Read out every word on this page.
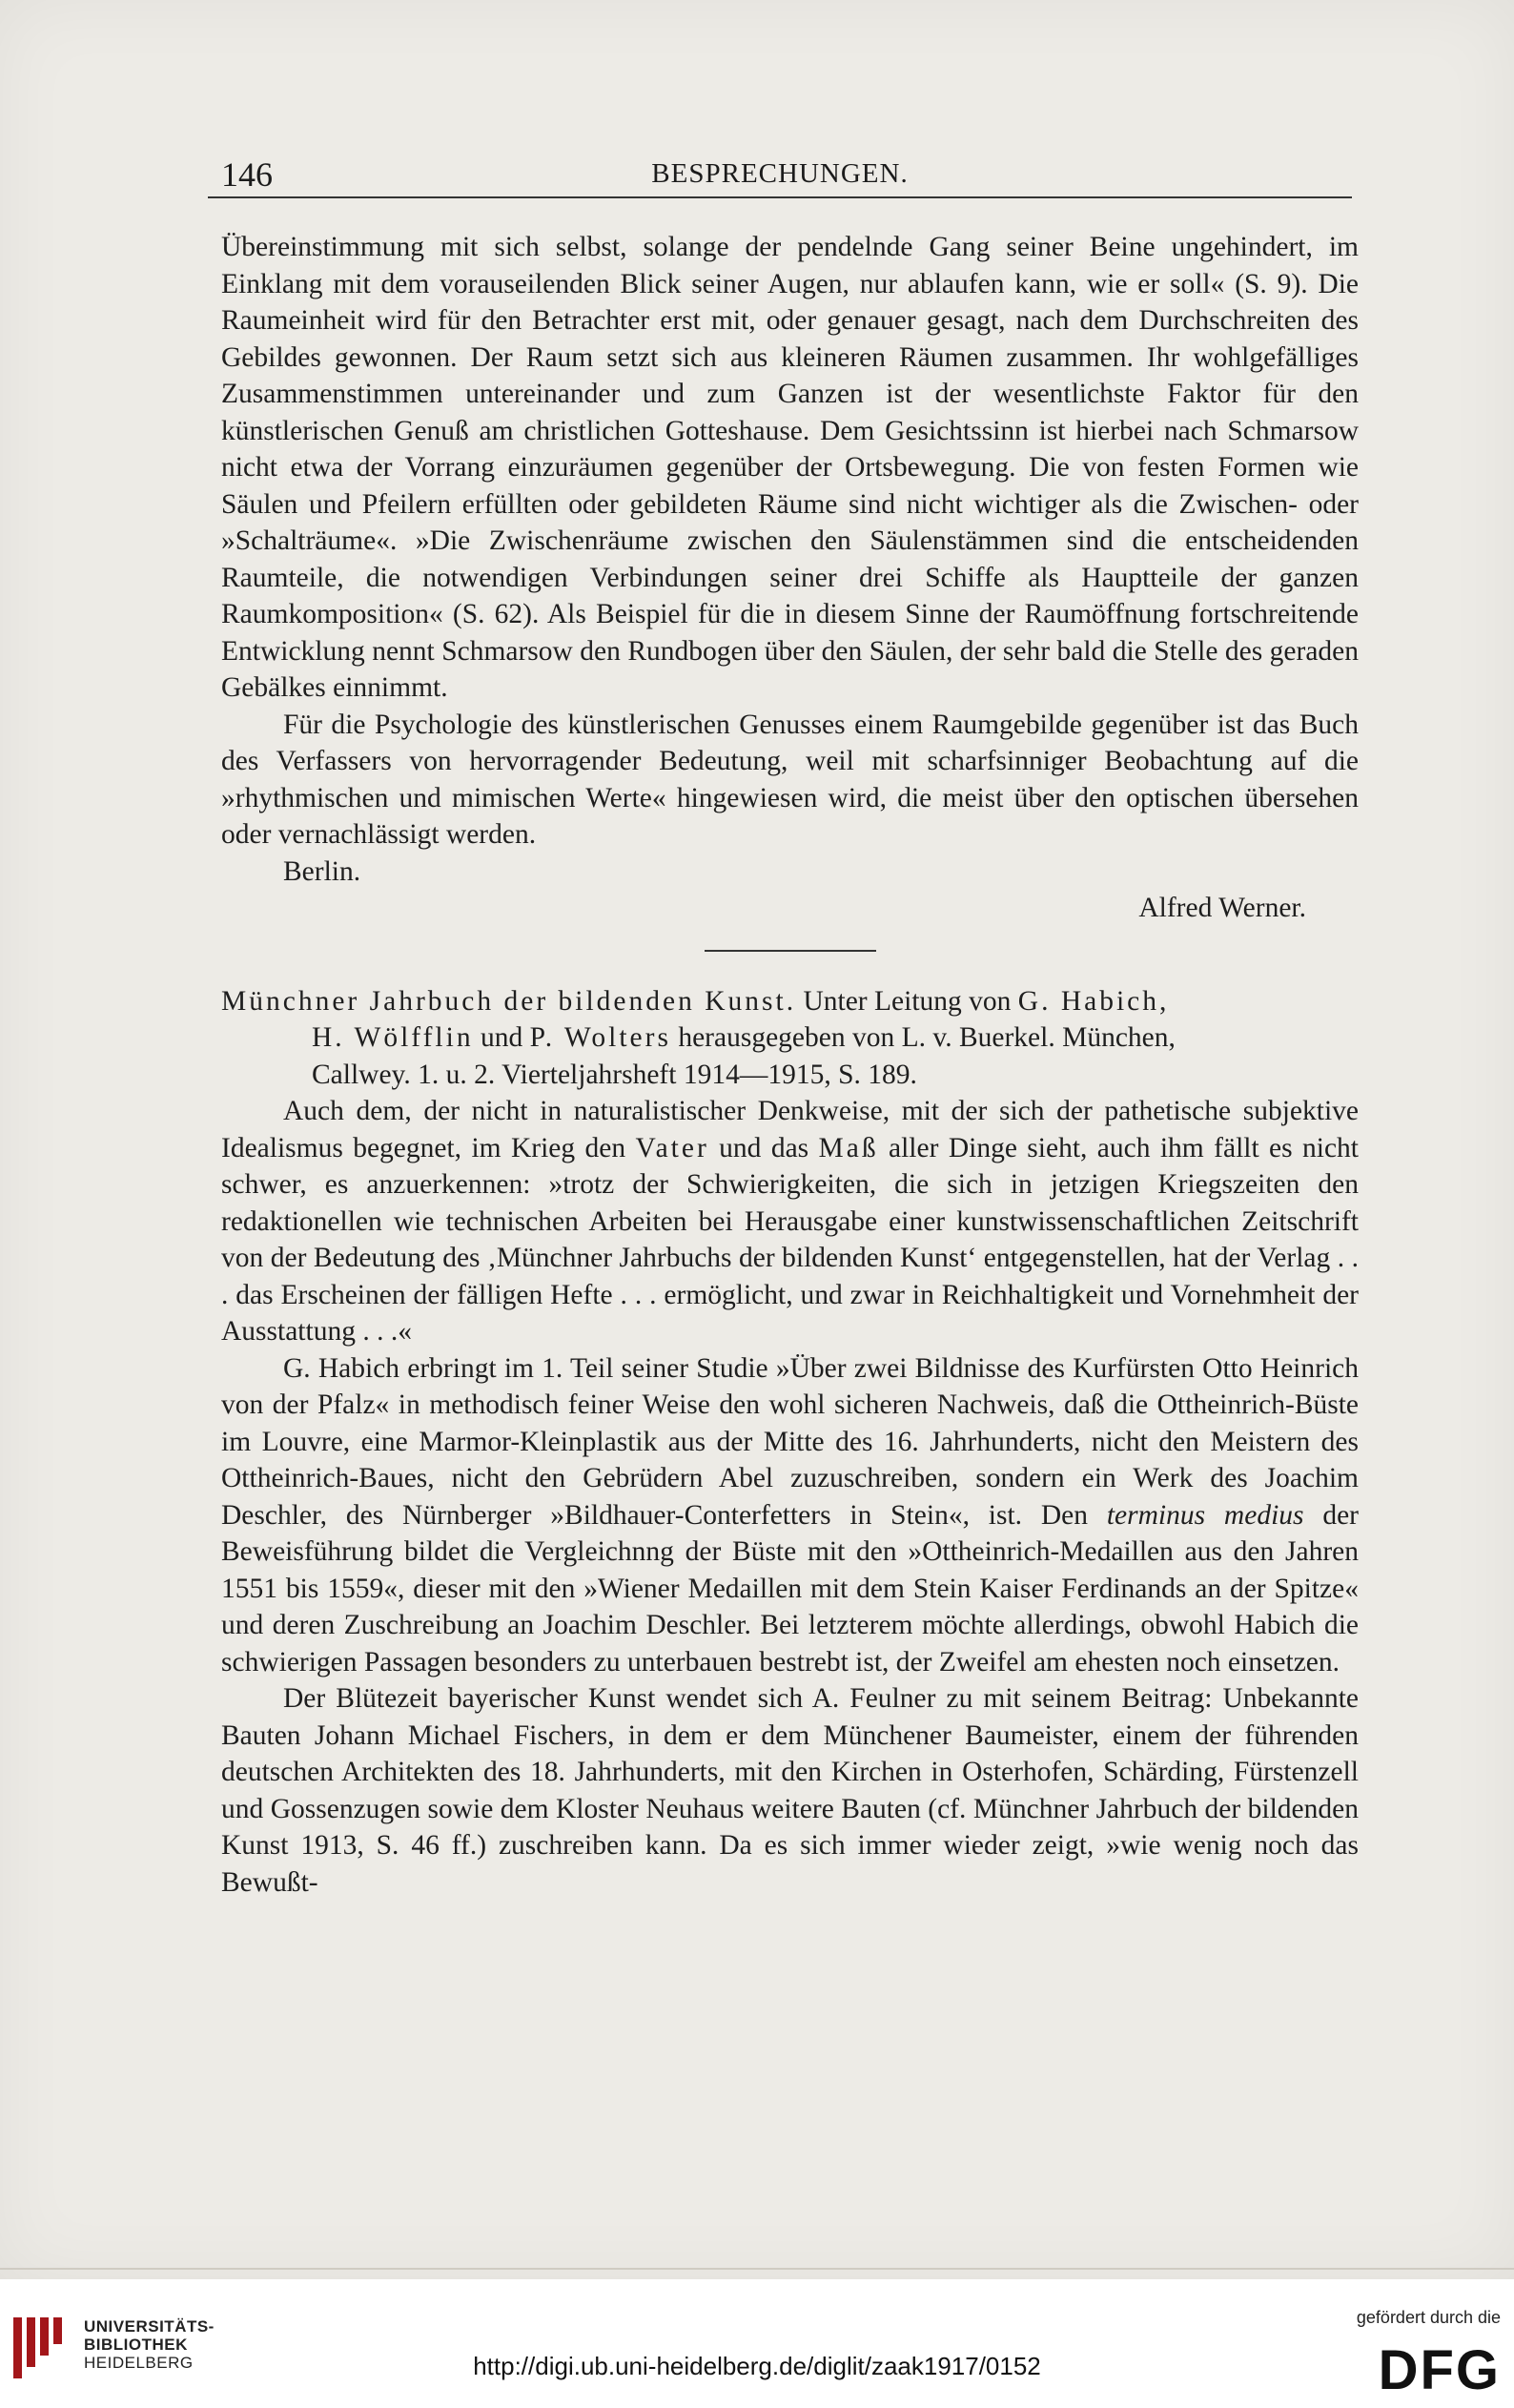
146	BESPRECHUNGEN.

Übereinstimmung mit sich selbst, solange der pendelnde Gang seiner Beine ungehindert, im Einklang mit dem vorauseilenden Blick seiner Augen, nur ablaufen kann, wie er soll« (S. 9). Die Raumeinheit wird für den Betrachter erst mit, oder genauer gesagt, nach dem Durchschreiten des Gebildes gewonnen. Der Raum setzt sich aus kleineren Räumen zusammen. Ihr wohlgefälliges Zusammenstimmen untereinander und zum Ganzen ist der wesentlichste Faktor für den künstlerischen Genuß am christlichen Gotteshause. Dem Gesichtssinn ist hierbei nach Schmarsow nicht etwa der Vorrang einzuräumen gegenüber der Ortsbewegung. Die von festen Formen wie Säulen und Pfeilern erfüllten oder gebildeten Räume sind nicht wichtiger als die Zwischen- oder »Schalträume«. »Die Zwischenräume zwischen den Säulenstämmen sind die entscheidenden Raumteile, die notwendigen Verbindungen seiner drei Schiffe als Hauptteile der ganzen Raumkomposition« (S. 62). Als Beispiel für die in diesem Sinne der Raumöffnung fortschreitende Entwicklung nennt Schmarsow den Rundbogen über den Säulen, der sehr bald die Stelle des geraden Gebälkes einnimmt.

Für die Psychologie des künstlerischen Genusses einem Raumgebilde gegenüber ist das Buch des Verfassers von hervorragender Bedeutung, weil mit scharfsinniger Beobachtung auf die »rhythmischen und mimischen Werte« hingewiesen wird, die meist über den optischen übersehen oder vernachlässigt werden.

Berlin.

Alfred Werner.

Münchner Jahrbuch der bildenden Kunst. Unter Leitung von G. Habich,

H. Wölfflin und P. Wolters herausgegeben von L. v. Buerkel. München,

Callwey. 1. u. 2. Vierteljahrsheft 1914—1915, S. 189.

Auch dem, der nicht in naturalistischer Denkweise, mit der sich der pathetische subjektive Idealismus begegnet, im Krieg den Vater und das Maß aller Dinge sieht, auch ihm fällt es nicht schwer, es anzuerkennen: »trotz der Schwierigkeiten, die sich in jetzigen Kriegszeiten den redaktionellen wie technischen Arbeiten bei Herausgabe einer kunstwissenschaftlichen Zeitschrift von der Bedeutung des ‚Münchner Jahrbuchs der bildenden Kunst‘ entgegenstellen, hat der Verlag . . . das Erscheinen der fälligen Hefte . . . ermöglicht, und zwar in Reichhaltigkeit und Vornehmheit der Ausstattung . . .«

G. Habich erbringt im 1. Teil seiner Studie »Über zwei Bildnisse des Kurfürsten Otto Heinrich von der Pfalz« in methodisch feiner Weise den wohl sicheren Nachweis, daß die Ottheinrich-Büste im Louvre, eine Marmor-Kleinplastik aus der Mitte des 16. Jahrhunderts, nicht den Meistern des Ottheinrich-Baues, nicht den Gebrüdern Abel zuzuschreiben, sondern ein Werk des Joachim Deschler, des Nürnberger »Bildhauer-Conterfetters in Stein«, ist. Den terminus medius der Beweisführung bildet die Vergleichnng der Büste mit den »Ottheinrich-Medaillen aus den Jahren 1551 bis 1559«, dieser mit den »Wiener Medaillen mit dem Stein Kaiser Ferdinands an der Spitze« und deren Zuschreibung an Joachim Deschler. Bei letzterem möchte allerdings, obwohl Habich die schwierigen Passagen besonders zu unterbauen bestrebt ist, der Zweifel am ehesten noch einsetzen.

Der Blütezeit bayerischer Kunst wendet sich A. Feulner zu mit seinem Beitrag: Unbekannte Bauten Johann Michael Fischers, in dem er dem Münchener Baumeister, einem der führenden deutschen Architekten des 18. Jahrhunderts, mit den Kirchen in Osterhofen, Schärding, Fürstenzell und Gossenzugen sowie dem Kloster Neuhaus weitere Bauten (cf. Münchner Jahrbuch der bildenden Kunst 1913, S. 46 ff.) zuschreiben kann. Da es sich immer wieder zeigt, »wie wenig noch das Bewußt-

UNIVERSITÄTS-
BIBLIOTHEK
HEIDELBERG	http://digi.ub.uni-heidelberg.de/diglit/zaak1917/0152
gefördert durch die
DFG
